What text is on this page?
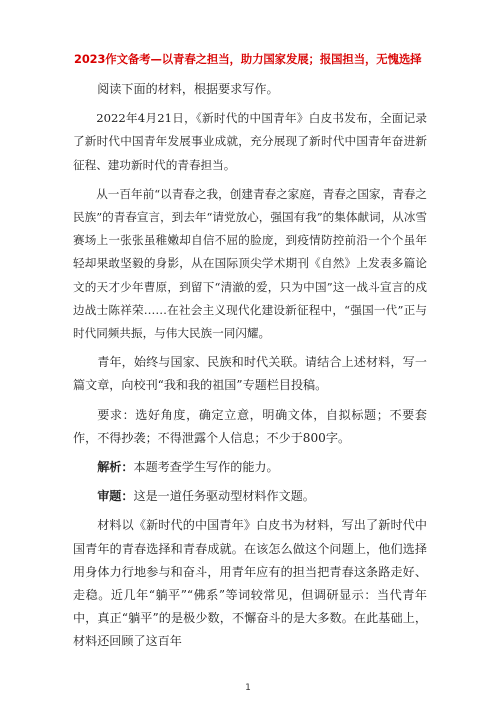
2023作文备考—以青春之担当，助力国家发展；报国担当，无愧选择

阅读下面的材料，根据要求写作。

2022年4月21日，《新时代的中国青年》白皮书发布，全面记录了新时代中国青年发展事业成就，充分展现了新时代中国青年奋进新征程、建功新时代的青春担当。

从一百年前“以青春之我，创建青春之家庭，青春之国家，青春之民族”的青春宣言，到去年“请党放心，强国有我”的集体献词，从冰雪赛场上一张张虽稚嫩却自信不屈的脸庞，到疫情防控前沿一个个虽年轻却果敢坚毅的身影，从在国际顶尖学术期刊《自然》上发表多篇论文的天才少年曹原，到留下“清澈的爱，只为中国”这一战斗宣言的戍边战士陈祥荣……在社会主义现代化建设新征程中，“强国一代”正与时代同频共振，与伟大民族一同闪耀。

青年，始终与国家、民族和时代关联。请结合上述材料，写一篇文章，向校刊“我和我的祖国”专题栏目投稿。

要求：选好角度，确定立意，明确文体，自拟标题；不要套作，不得抄袭；不得泄露个人信息；不少于800字。

解析：本题考查学生写作的能力。

审题：这是一道任务驱动型材料作文题。

材料以《新时代的中国青年》白皮书为材料，写出了新时代中国青年的青春选择和青春成就。在该怎么做这个问题上，他们选择用身体力行地参与和奋斗，用青年应有的担当把青春这条路走好、走稳。近几年“躺平”“佛系”等词较常见，但调研显示：当代青年中，真正“躺平”的是极少数，不懈奋斗的是大多数。在此基础上，材料还回顾了这百年

1
